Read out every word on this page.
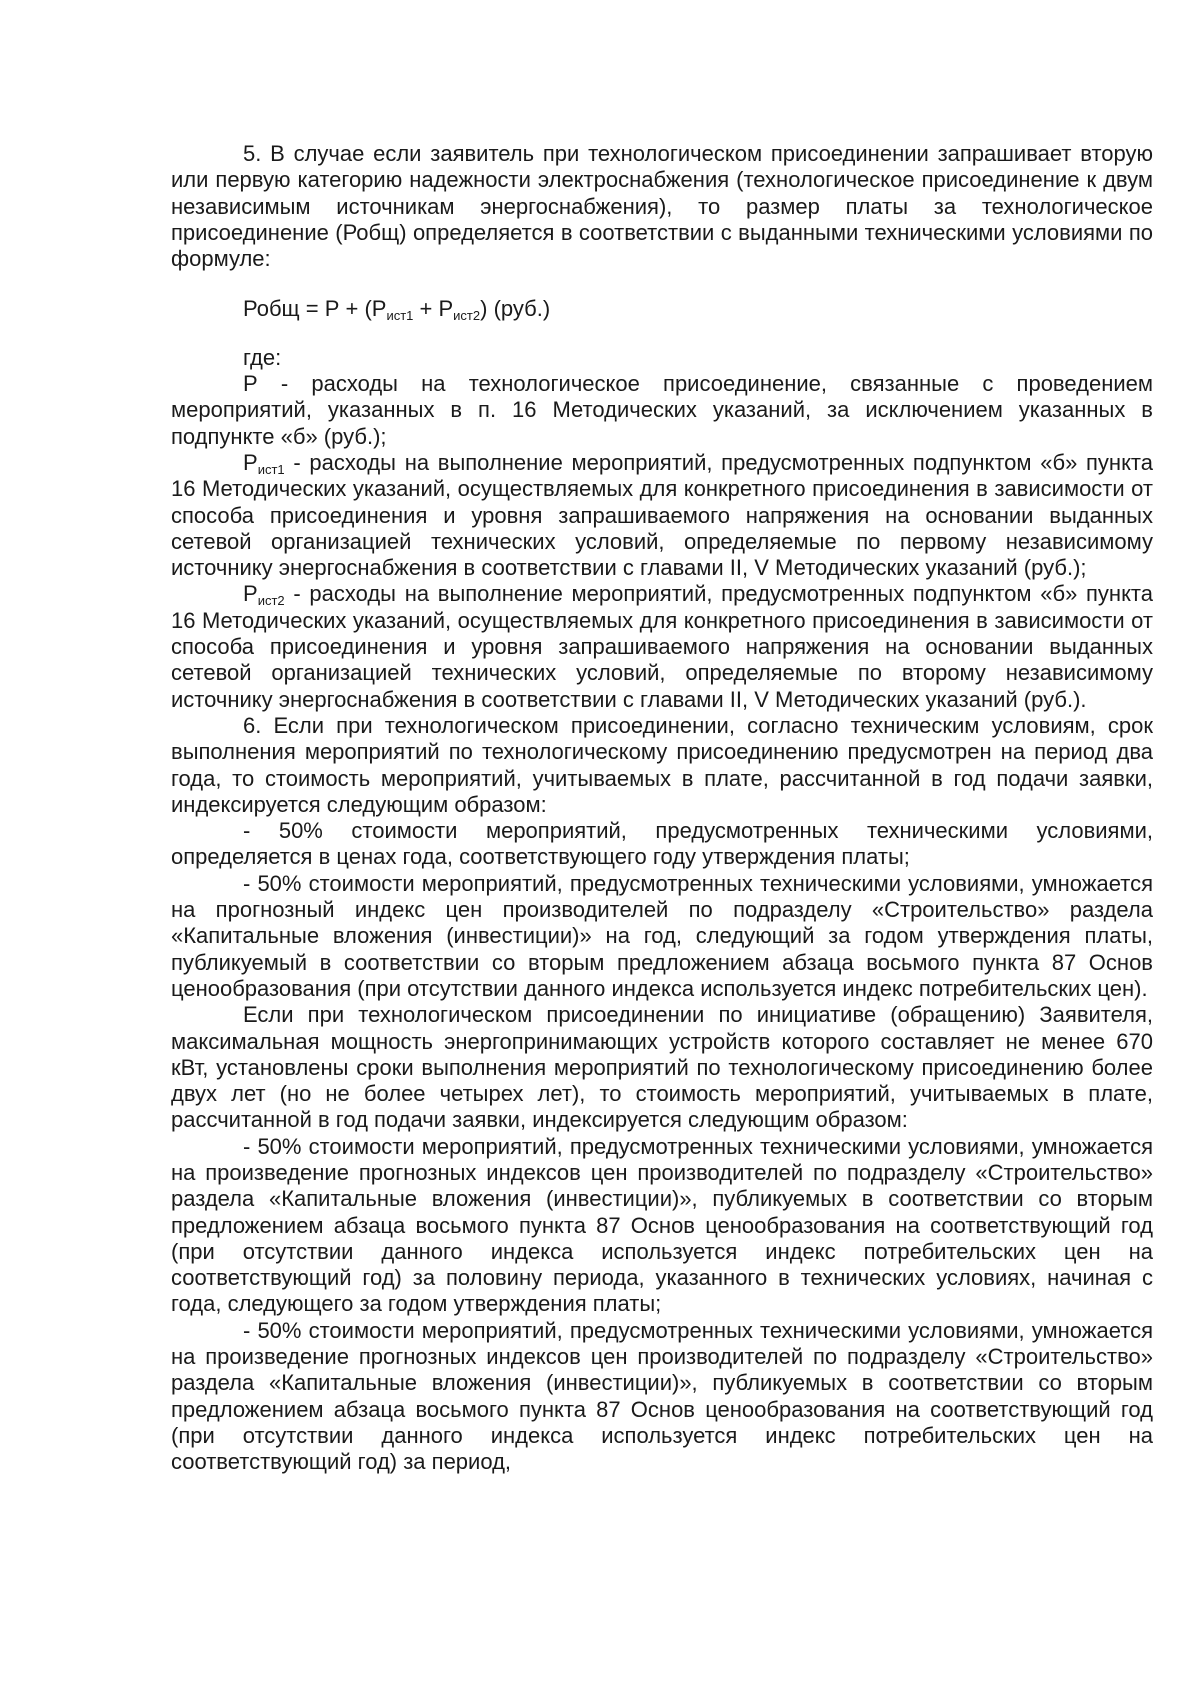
5. В случае если заявитель при технологическом присоединении запрашивает вторую или первую категорию надежности электроснабжения (технологическое присоединение к двум независимым источникам энергоснабжения), то размер платы за технологическое присоединение (Робщ) определяется в соответствии с выданными техническими условиями по формуле:

Робщ = $Р + (Р_{ист1} + Р_{ист2})$ (руб.)
где:

Р - расходы на технологическое присоединение, связанные с проведением мероприятий, указанных в п. 16 Методических указаний, за исключением указанных в подпункте «б» (руб.);

$Р_{ист1}$ - расходы на выполнение мероприятий, предусмотренных подпунктом «б» пункта 16 Методических указаний, осуществляемых для конкретного присоединения в зависимости от способа присоединения и уровня запрашиваемого напряжения на основании выданных сетевой организацией технических условий, определяемые по первому независимому источнику энергоснабжения в соответствии с главами II, V Методических указаний (руб.);

$Р_{ист2}$ - расходы на выполнение мероприятий, предусмотренных подпунктом «б» пункта 16 Методических указаний, осуществляемых для конкретного присоединения в зависимости от способа присоединения и уровня запрашиваемого напряжения на основании выданных сетевой организацией технических условий, определяемые по второму независимому источнику энергоснабжения в соответствии с главами II, V Методических указаний (руб.).

6. Если при технологическом присоединении, согласно техническим условиям, срок выполнения мероприятий по технологическому присоединению предусмотрен на период два года, то стоимость мероприятий, учитываемых в плате, рассчитанной в год подачи заявки, индексируется следующим образом:

- 50% стоимости мероприятий, предусмотренных техническими условиями, определяется в ценах года, соответствующего году утверждения платы;

- 50% стоимости мероприятий, предусмотренных техническими условиями, умножается на прогнозный индекс цен производителей по подразделу «Строительство» раздела «Капитальные вложения (инвестиции)» на год, следующий за годом утверждения платы, публикуемый в соответствии со вторым предложением абзаца восьмого пункта 87 Основ ценообразования (при отсутствии данного индекса используется индекс потребительских цен).

Если при технологическом присоединении по инициативе (обращению) Заявителя, максимальная мощность энергопринимающих устройств которого составляет не менее 670 кВт, установлены сроки выполнения мероприятий по технологическому присоединению более двух лет (но не более четырех лет), то стоимость мероприятий, учитываемых в плате, рассчитанной в год подачи заявки, индексируется следующим образом:

- 50% стоимости мероприятий, предусмотренных техническими условиями, умножается на произведение прогнозных индексов цен производителей по подразделу «Строительство» раздела «Капитальные вложения (инвестиции)», публикуемых в соответствии со вторым предложением абзаца восьмого пункта 87 Основ ценообразования на соответствующий год (при отсутствии данного индекса используется индекс потребительских цен на соответствующий год) за половину периода, указанного в технических условиях, начиная с года, следующего за годом утверждения платы;

- 50% стоимости мероприятий, предусмотренных техническими условиями, умножается на произведение прогнозных индексов цен производителей по подразделу «Строительство» раздела «Капитальные вложения (инвестиции)», публикуемых в соответствии со вторым предложением абзаца восьмого пункта 87 Основ ценообразования на соответствующий год (при отсутствии данного индекса используется индекс потребительских цен на соответствующий год) за период,
